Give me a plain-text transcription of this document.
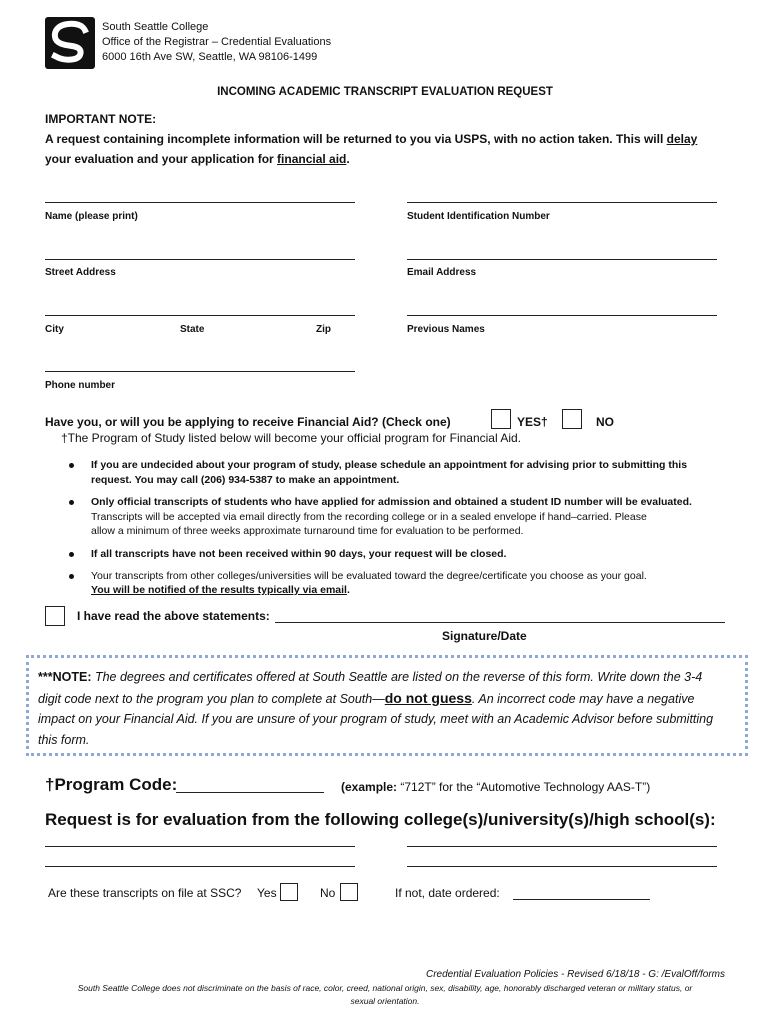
South Seattle College
Office of the Registrar – Credential Evaluations
6000 16th Ave SW, Seattle, WA 98106-1499
INCOMING ACADEMIC TRANSCRIPT EVALUATION REQUEST
IMPORTANT NOTE:
A request containing incomplete information will be returned to you via USPS, with no action taken. This will delay
your evaluation and your application for financial aid.
Name (please print)	Student Identification Number
Street Address	Email Address
City	State	Zip	Previous Names
Phone number
Have you, or will you be applying to receive Financial Aid? (Check one)	YES†	NO
†The Program of Study listed below will become your official program for Financial Aid.
If you are undecided about your program of study, please schedule an appointment for advising prior to submitting this
request. You may call (206) 934-5387 to make an appointment.
Only official transcripts of students who have applied for admission and obtained a student ID number will be evaluated.
Transcripts will be accepted via email directly from the recording college or in a sealed envelope if hand–carried. Please
allow a minimum of three weeks approximate turnaround time for evaluation to be performed.
If all transcripts have not been received within 90 days, your request will be closed.
Your transcripts from other colleges/universities will be evaluated toward the degree/certificate you choose as your goal.
You will be notified of the results typically via email.
I have read the above statements:
Signature/Date
***NOTE: The degrees and certificates offered at South Seattle are listed on the reverse of this form. Write down the 3-4
digit code next to the program you plan to complete at South—do not guess. An incorrect code may have a negative
impact on your Financial Aid. If you are unsure of your program of study, meet with an Academic Advisor before submitting
this form.
†Program Code:	(example: “712T” for the “Automotive Technology AAS-T”)
Request is for evaluation from the following college(s)/university(s)/high school(s):
Are these transcripts on file at SSC? Yes	No	If not, date ordered:
Credential Evaluation Policies - Revised 6/18/18 - G: /EvalOff/forms
South Seattle College does not discriminate on the basis of race, color, creed, national origin, sex, disability, age, honorably discharged veteran or military status, or
sexual orientation.
